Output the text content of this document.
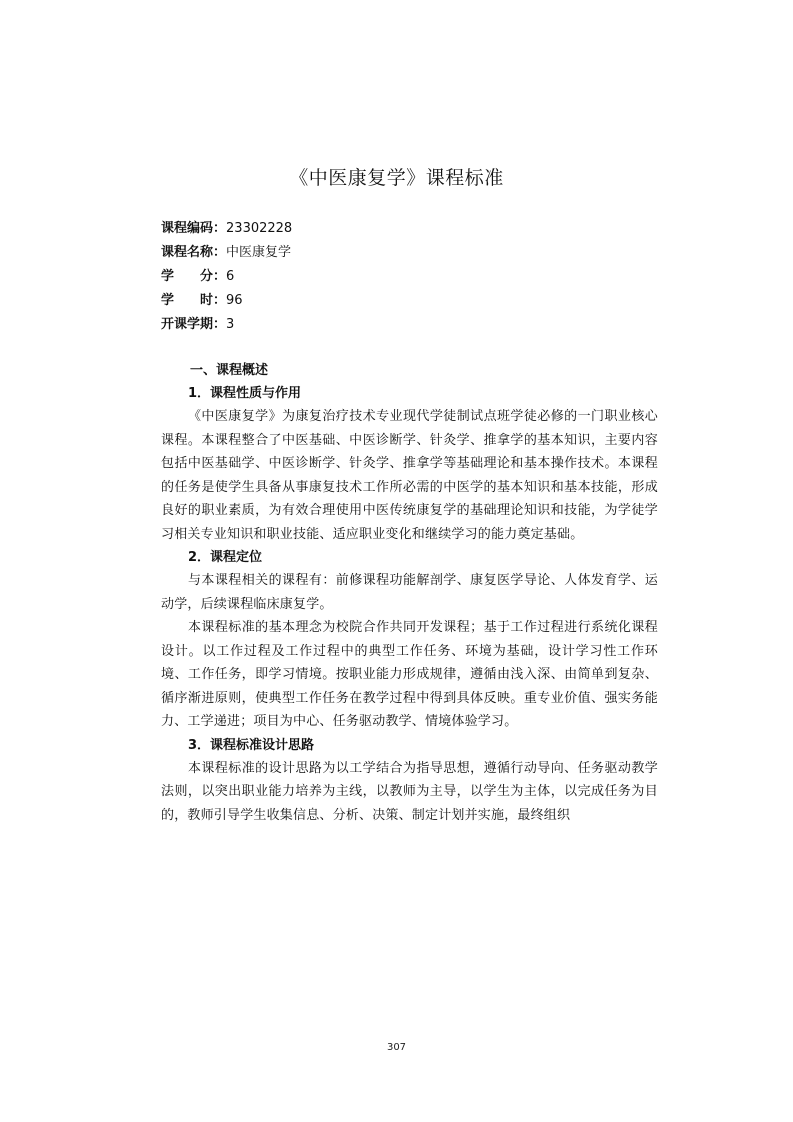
《中医康复学》课程标准
课程编码：23302228
课程名称：中医康复学
学　　分：6
学　　时：96
开课学期：3
一、课程概述
1．课程性质与作用

《中医康复学》为康复治疗技术专业现代学徒制试点班学徒必修的一门职业核心课程。本课程整合了中医基础、中医诊断学、针灸学、推拿学的基本知识，主要内容包括中医基础学、中医诊断学、针灸学、推拿学等基础理论和基本操作技术。本课程的任务是使学生具备从事康复技术工作所必需的中医学的基本知识和基本技能，形成良好的职业素质，为有效合理使用中医传统康复学的基础理论知识和技能，为学徒学习相关专业知识和职业技能、适应职业变化和继续学习的能力奠定基础。

2．课程定位

与本课程相关的课程有：前修课程功能解剖学、康复医学导论、人体发育学、运动学，后续课程临床康复学。

本课程标准的基本理念为校院合作共同开发课程；基于工作过程进行系统化课程设计。以工作过程及工作过程中的典型工作任务、环境为基础，设计学习性工作环境、工作任务，即学习情境。按职业能力形成规律，遵循由浅入深、由简单到复杂、循序渐进原则，使典型工作任务在教学过程中得到具体反映。重专业价值、强实务能力、工学递进；项目为中心、任务驱动教学、情境体验学习。

3．课程标准设计思路

本课程标准的设计思路为以工学结合为指导思想，遵循行动导向、任务驱动教学法则，以突出职业能力培养为主线，以教师为主导，以学生为主体，以完成任务为目的，教师引导学生收集信息、分析、决策、制定计划并实施，最终组织

307
